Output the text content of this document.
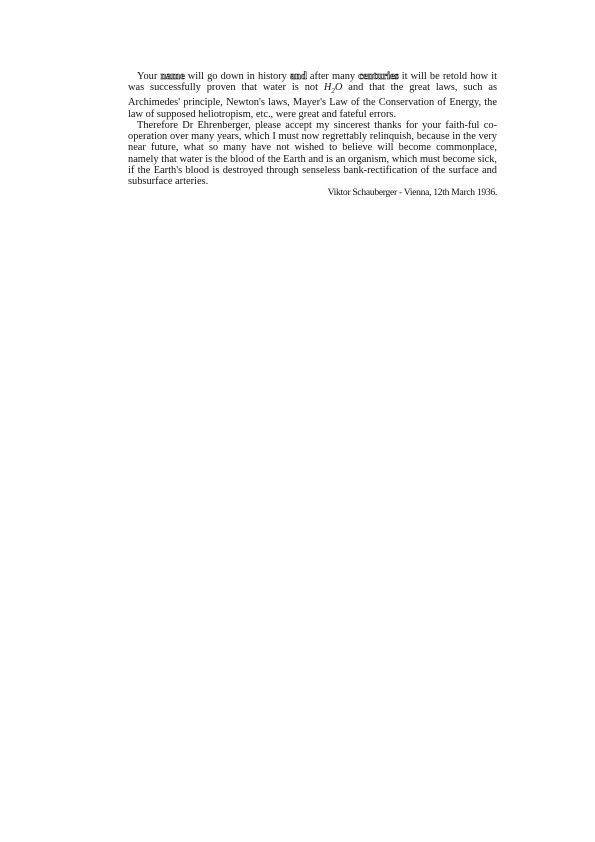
Your name will go down in history and after many centuries it will be retold how it was successfully proven that water is not $H_2O$ and that the great laws, such as Archimedes' principle, Newton's laws, Mayer's Law of the Conservation of Energy, the law of supposed heliotropism, etc., were great and fateful errors.

Therefore Dr Ehrenberger, please accept my sincerest thanks for your faith-ful co-operation over many years, which I must now regrettably relinquish, because in the very near future, what so many have not wished to believe will become commonplace, namely that water is the blood of the Earth and is an organism, which must become sick, if the Earth's blood is destroyed through senseless bank-rectification of the surface and subsurface arteries.

Viktor Schauberger - Vienna, 12th March 1936.
